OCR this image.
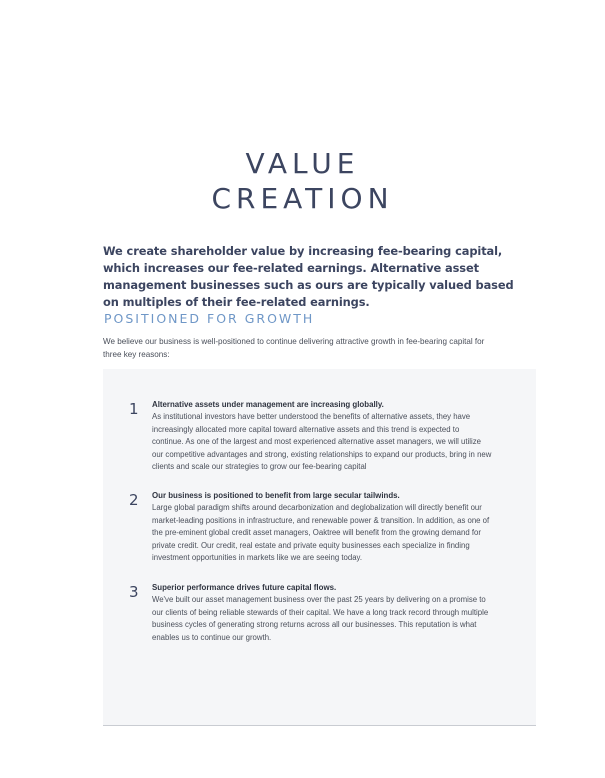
VALUE
CREATION
We create shareholder value by increasing fee-bearing capital, which increases our fee-related earnings. Alternative asset management businesses such as ours are typically valued based on multiples of their fee-related earnings.
POSITIONED FOR GROWTH
We believe our business is well-positioned to continue delivering attractive growth in fee-bearing capital for three key reasons:
1	Alternative assets under management are increasing globally.
As institutional investors have better understood the benefits of alternative assets, they have increasingly allocated more capital toward alternative assets and this trend is expected to continue. As one of the largest and most experienced alternative asset managers, we will utilize our competitive advantages and strong, existing relationships to expand our products, bring in new clients and scale our strategies to grow our fee-bearing capital
2	Our business is positioned to benefit from large secular tailwinds.
Large global paradigm shifts around decarbonization and deglobalization will directly benefit our market-leading positions in infrastructure, and renewable power & transition. In addition, as one of the pre-eminent global credit asset managers, Oaktree will benefit from the growing demand for private credit. Our credit, real estate and private equity businesses each specialize in finding investment opportunities in markets like we are seeing today.
3	Superior performance drives future capital flows.
We've built our asset management business over the past 25 years by delivering on a promise to our clients of being reliable stewards of their capital. We have a long track record through multiple business cycles of generating strong returns across all our businesses. This reputation is what enables us to continue our growth.
